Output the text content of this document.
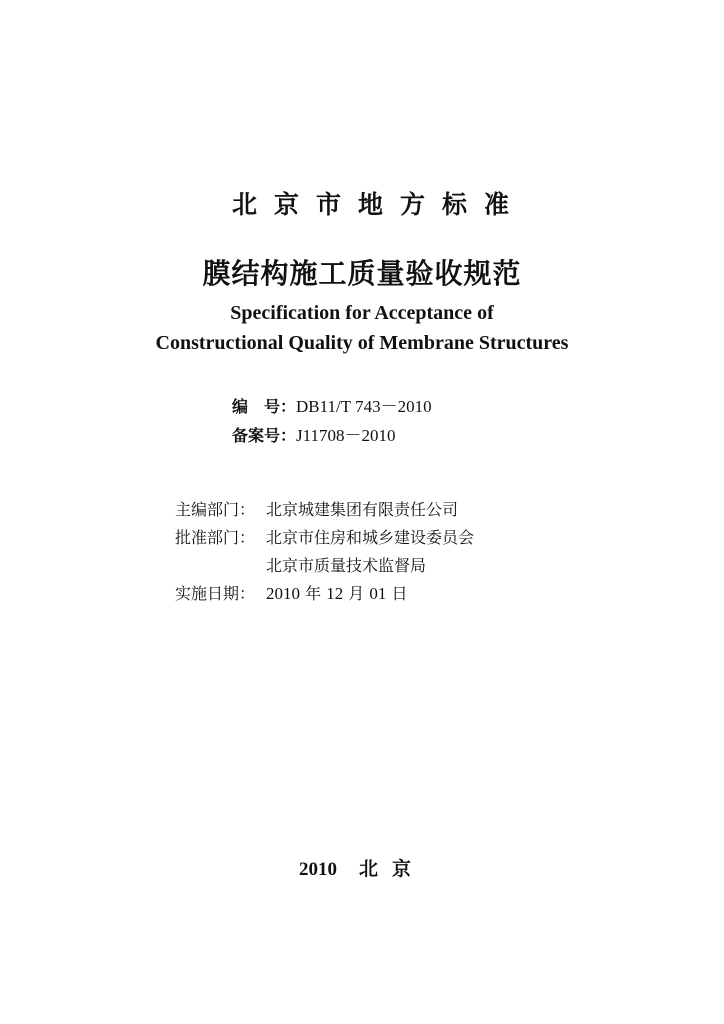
北京市地方标准
膜结构施工质量验收规范
Specification for Acceptance of
Constructional Quality of Membrane Structures
编　号：DB11/T 743－2010
备案号：J11708－2010
主编部门： 北京城建集团有限责任公司
批准部门： 北京市住房和城乡建设委员会
北京市质量技术监督局
实施日期： 2010 年 12 月 01 日
2010 北京
